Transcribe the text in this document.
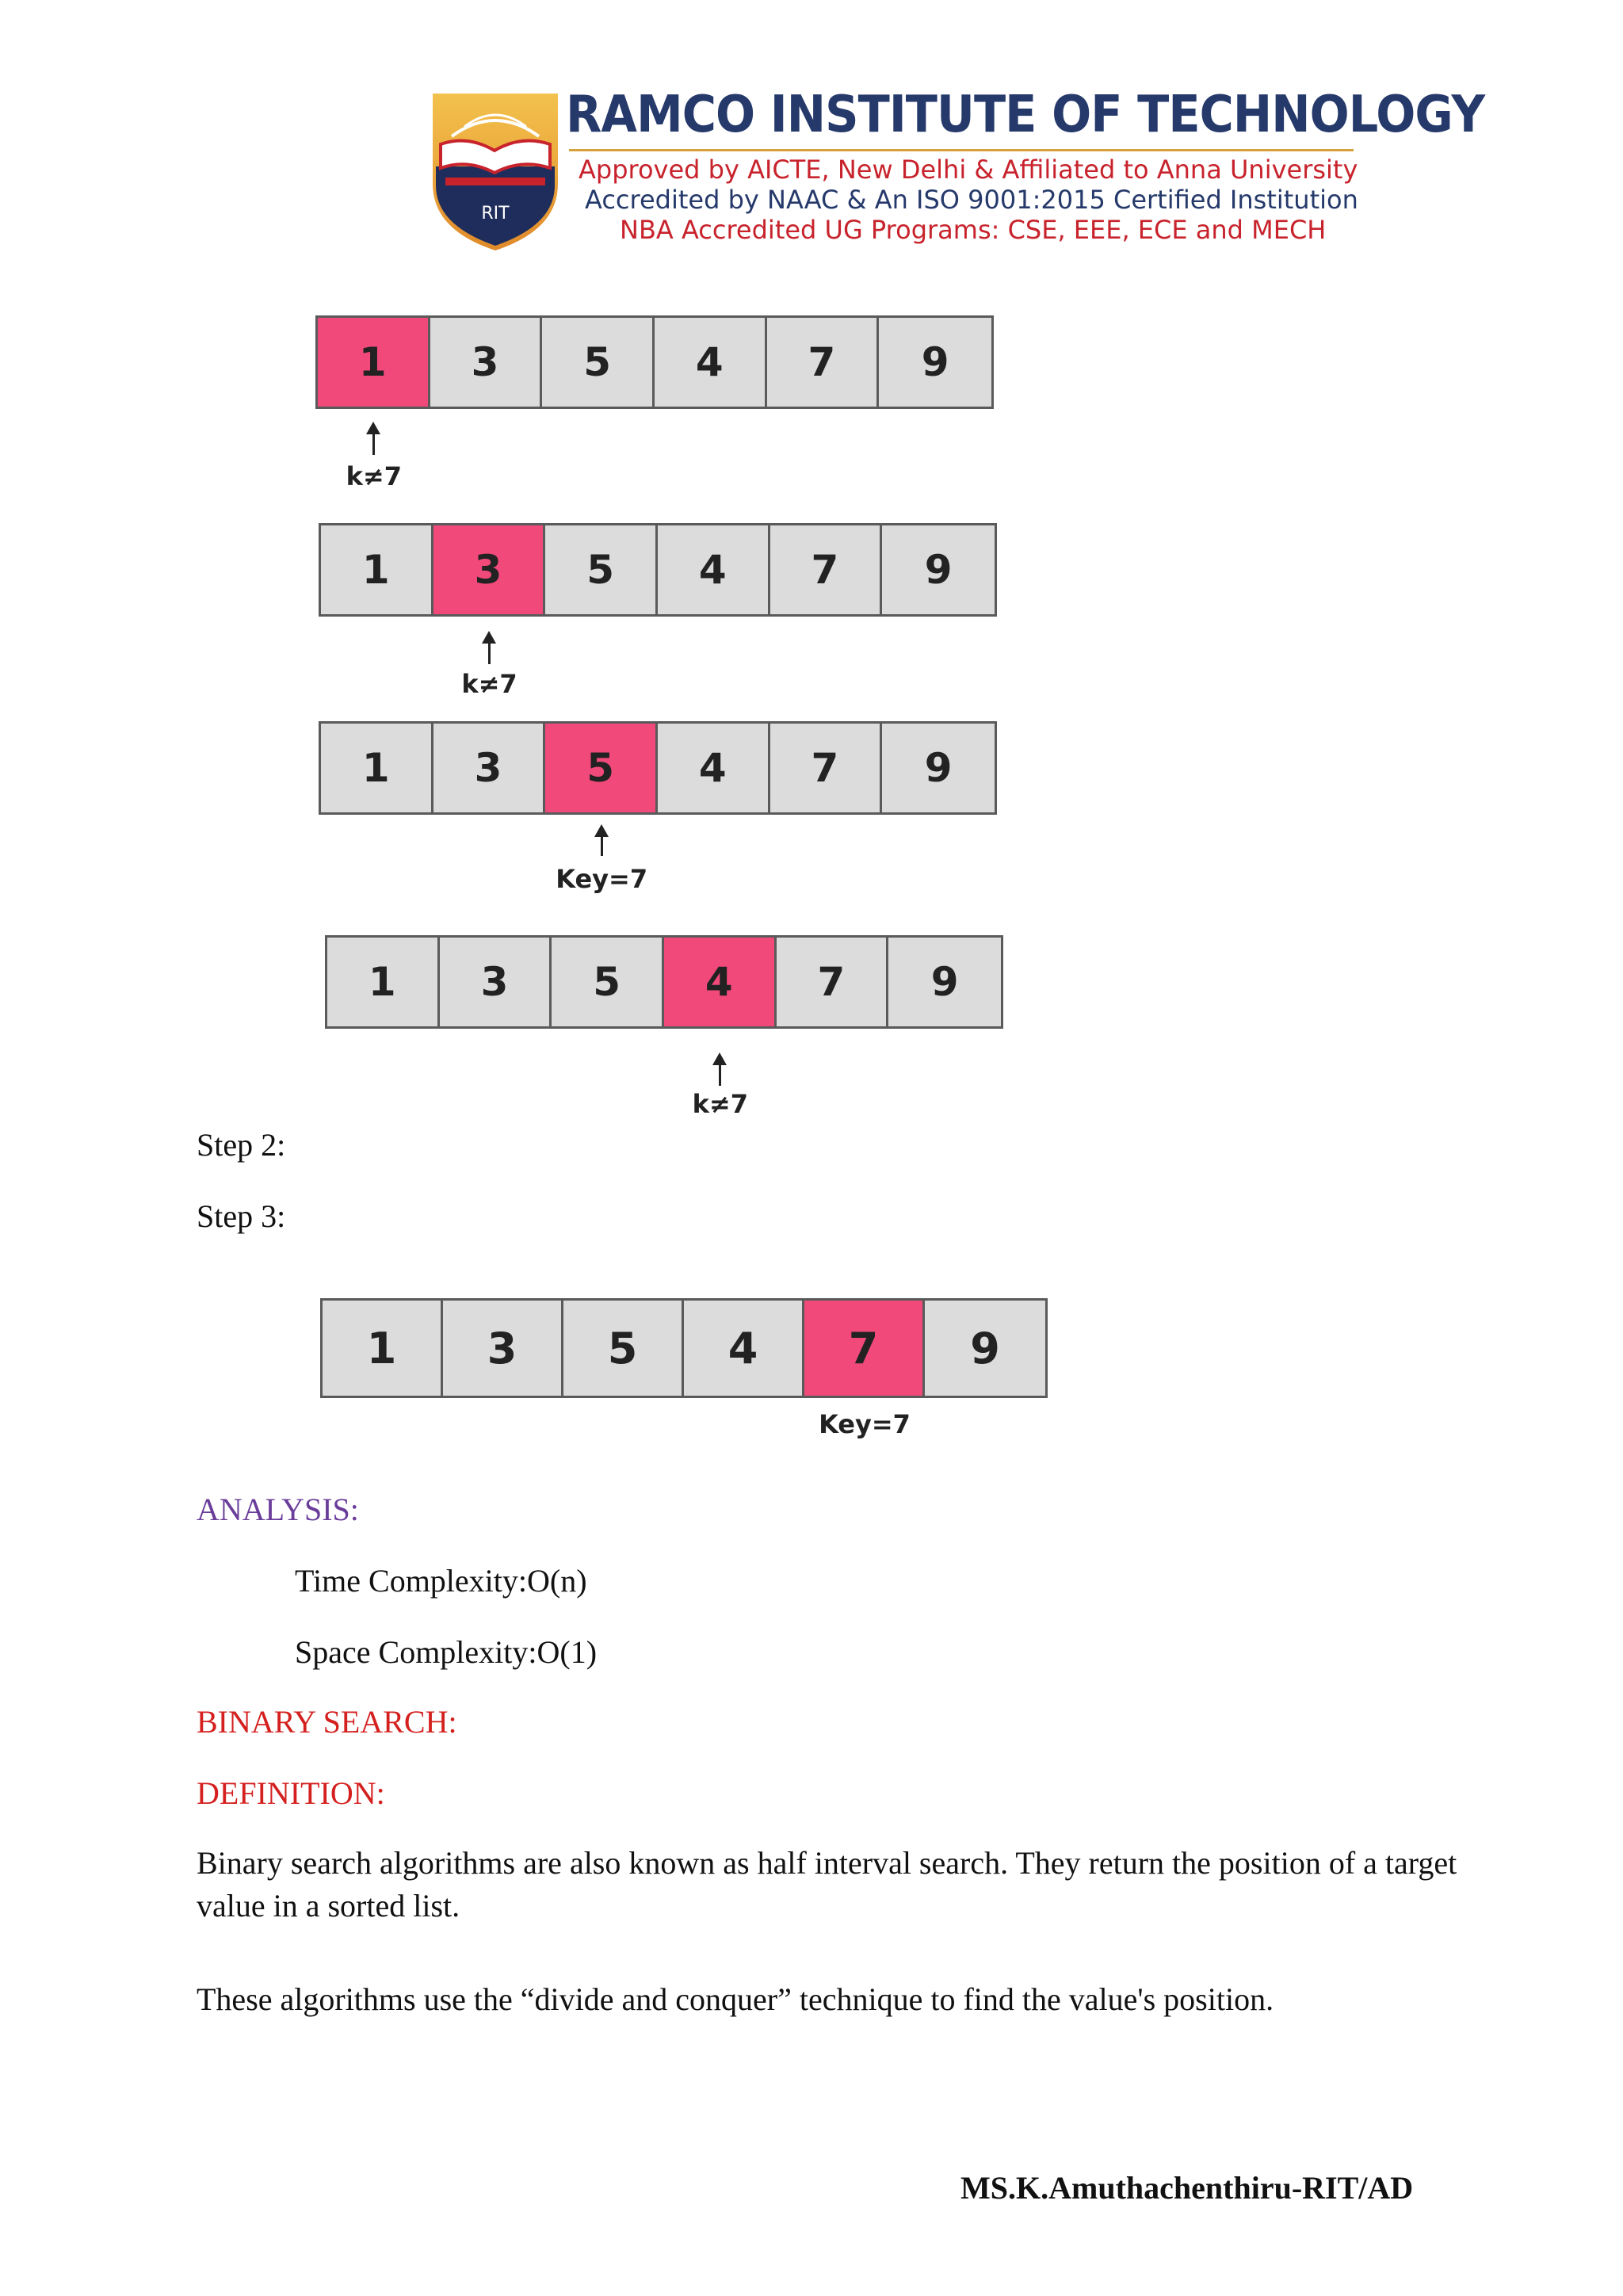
RIT
RAMCO INSTITUTE OF TECHNOLOGY
Approved by AICTE, New Delhi & Affiliated to Anna University
Accredited by NAAC & An ISO 9001:2015 Certified Institution
NBA Accredited UG Programs: CSE, EEE, ECE and MECH
1	3	5	4	7	9
k≠7
1	3	5	4	7	9
k≠7
1	3	5	4	7	9
Key=7
1	3	5	4	7	9
k≠7
1	3	5	4	7	9
Key=7
Step 2:
Step 3:
ANALYSIS:
Time Complexity:O(n)
Space Complexity:O(1)
BINARY SEARCH:
DEFINITION:
Binary search algorithms are also known as half interval search. They return the position of a target value in a sorted list.
These algorithms use the “divide and conquer” technique to find the value's position.
MS.K.Amuthachenthiru-RIT/AD
